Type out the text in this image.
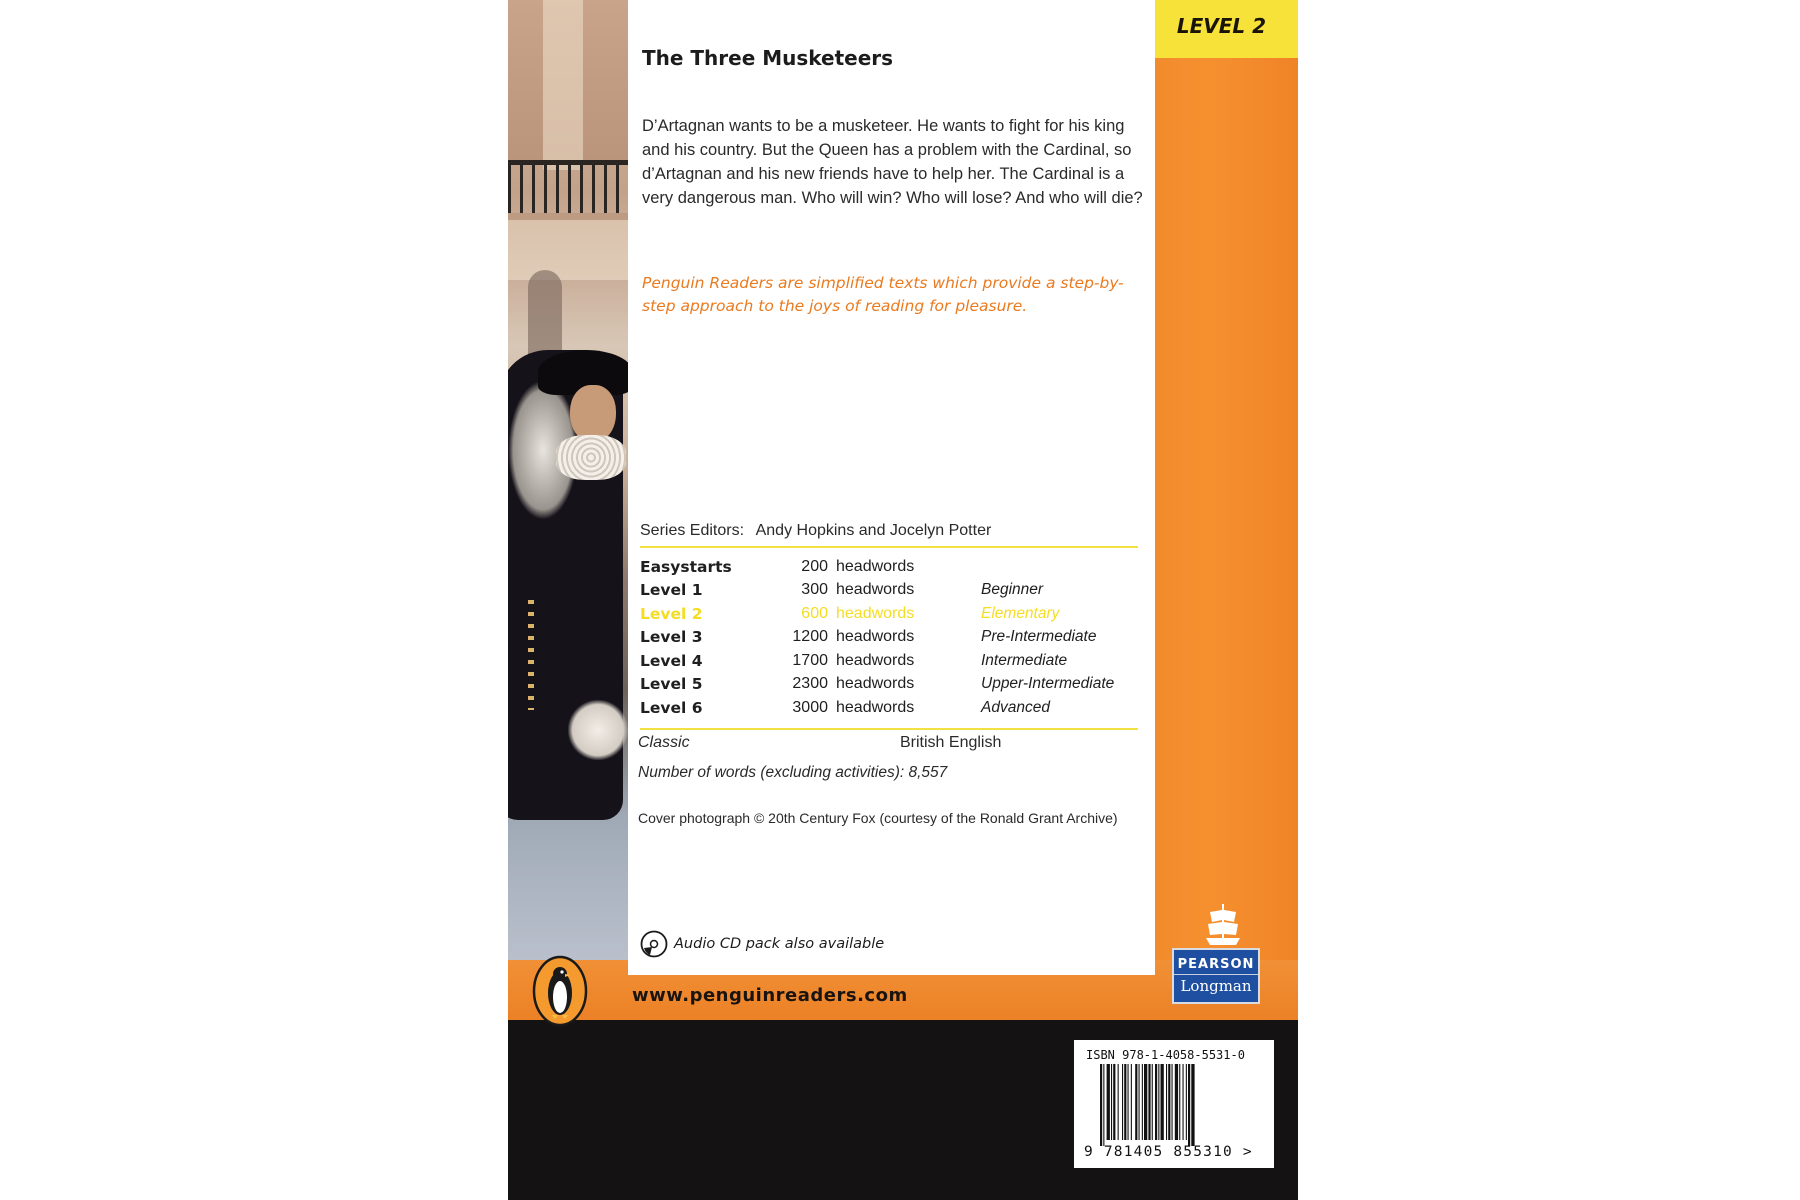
LEVEL 2
The Three Musketeers

D’Artagnan wants to be a musketeer. He wants to fight for his king and his country. But the Queen has a problem with the Cardinal, so d’Artagnan and his new friends have to help her. The Cardinal is a very dangerous man. Who will win? Who will lose? And who will die?

Penguin Readers are simplified texts which provide a step-by-step approach to the joys of reading for pleasure.

Series Editors: Andy Hopkins and Jocelyn Potter
Easystarts	200	headwords	
Level 1	300	headwords	Beginner
Level 2	600	headwords	Elementary
Level 3	1200	headwords	Pre-Intermediate
Level 4	1700	headwords	Intermediate
Level 5	2300	headwords	Upper-Intermediate
Level 6	3000	headwords	Advanced
Classic	British English
Number of words (excluding activities): 8,557
Cover photograph © 20th Century Fox (courtesy of the Ronald Grant Archive)
Audio CD pack also available
www.penguinreaders.com
PEARSON
Longman
ISBN 978-1-4058-5531-0
9 781405 855310 >
